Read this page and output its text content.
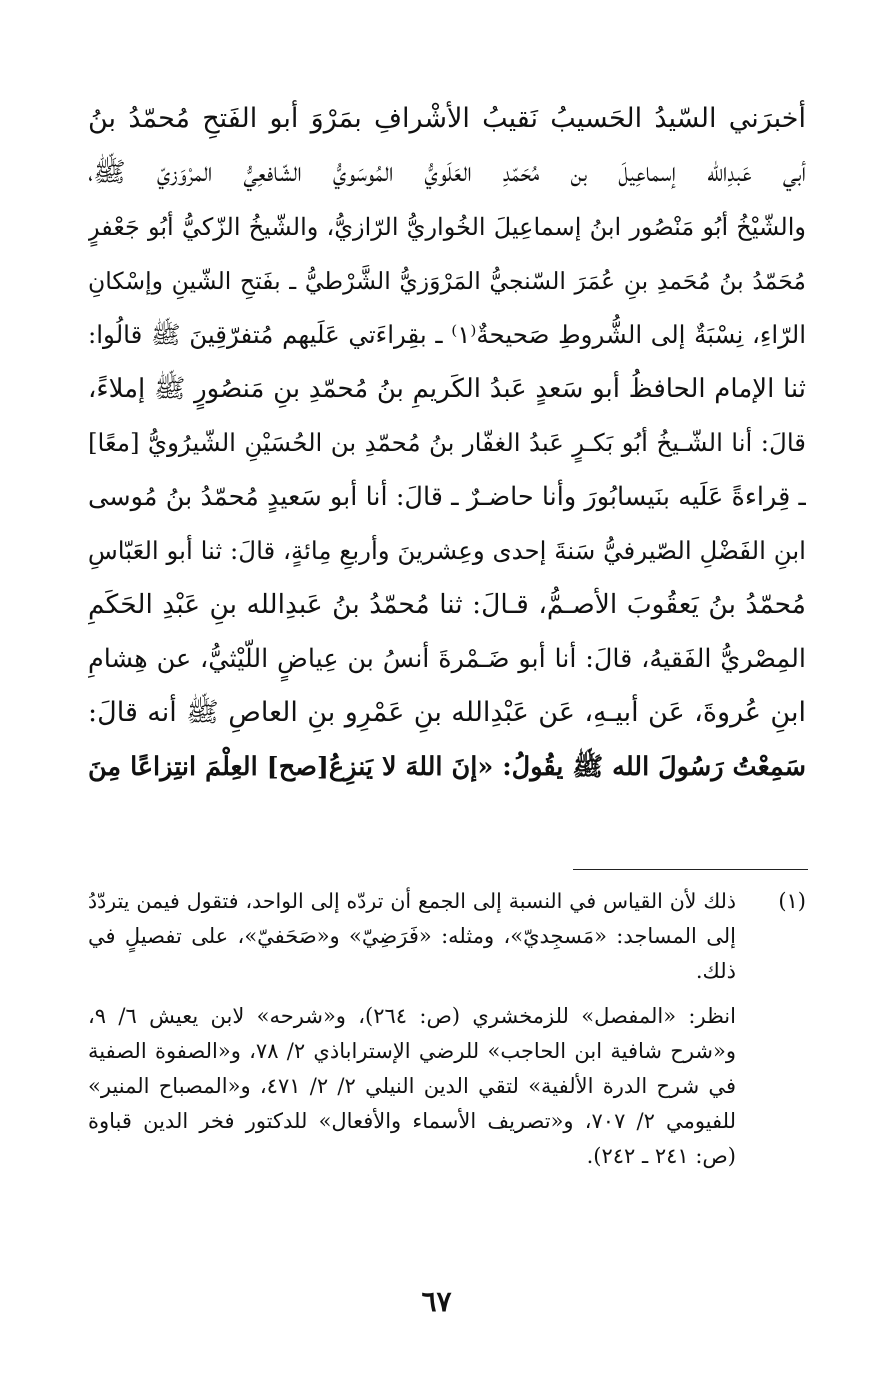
أخبرَني السّيدُ الحَسيبُ نَقيبُ الأشْرافِ بمَرْوَ أبو الفَتحِ مُحمّدُ بنُ
أبي عَبدِالله إسماعِيلَ بن مُحَمّدِ العَلَويُّ المُوسَويُّ الشّافعِيُّ المرْوَزيّ ﷺ،
والشّيْخُ أبُو مَنْصُور ابنُ إسماعِيلَ الخُواريُّ الرّازيُّ، والشّيخُ الزّكيُّ أبُو جَعْفرٍ
مُحَمّدُ بنُ مُحَمدِ بنِ عُمَرَ السّنجيُّ المَرْوَزيُّ الشَّرْطيُّ ـ بفَتحِ الشّينِ وإسْكانِ
الرّاءِ، نِسْبَةٌ إلى الشُّروطِ صَحيحةٌ⁽١⁾ ـ بقِراءَتي عَلَيهم مُتفرّقِينَ ﷺ قالُوا:
ثنا الإمام الحافظُ أبو سَعدٍ عَبدُ الكَريمِ بنُ مُحمّدِ بنِ مَنصُورٍ ﷺ إملاءً،
قالَ: أنا الشّـيخُ أبُو بَكـرٍ عَبدُ الغفّار بنُ مُحمّدِ بن الحُسَيْنِ الشّيرُويُّ [معًا]
ـ قِراءةً عَلَيه بنَيسابُورَ وأنا حاضـرٌ ـ قالَ: أنا أبو سَعيدٍ مُحمّدُ بنُ مُوسى
ابنِ الفَضْلِ الصّيرفيُّ سَنةَ إحدى وعِشرينَ وأربعِ مِائةٍ، قالَ: ثنا أبو العَبّاسِ
مُحمّدُ بنُ يَعقُوبَ الأصـمُّ، قـالَ: ثنا مُحمّدُ بنُ عَبدِالله بنِ عَبْدِ الحَكَمِ
المِصْريُّ الفَقيهُ، قالَ: أنا أبو ضَـمْرةَ أنسُ بن عِياضٍ اللّيْثيُّ، عن هِشامِ
ابنِ عُروةَ، عَن أبيـهِ، عَن عَبْدِالله بنِ عَمْرِو بنِ العاصِ ﷺ أنه قالَ:
سَمِعْتُ رَسُولَ الله ﷺ يقُولُ: «إنَ اللهَ لا يَنزِعُ[صح] العِلْمَ انتِزاعًا مِنَ
(١)
ذلك لأن القياس في النسبة إلى الجمع أن تردّه إلى الواحد، فتقول فيمن يتردّدُ
إلى المساجد: «مَسجِديّ»، ومثله: «فَرَضِيّ» و«صَحَفيّ»، على تفصيلٍ في
ذلك.
انظر: «المفصل» للزمخشري (ص: ٢٦٤)، و«شرحه» لابن يعيش ٦/ ٩،
و«شرح شافية ابن الحاجب» للرضي الإستراباذي ٢/ ٧٨، و«الصفوة الصفية
في شرح الدرة الألفية» لتقي الدين النيلي ٢/ ٢/ ٤٧١، و«المصباح المنير»
للفيومي ٢/ ٧٠٧، و«تصريف الأسماء والأفعال» للدكتور فخر الدين قباوة
(ص: ٢٤١ ـ ٢٤٢).
٦٧
